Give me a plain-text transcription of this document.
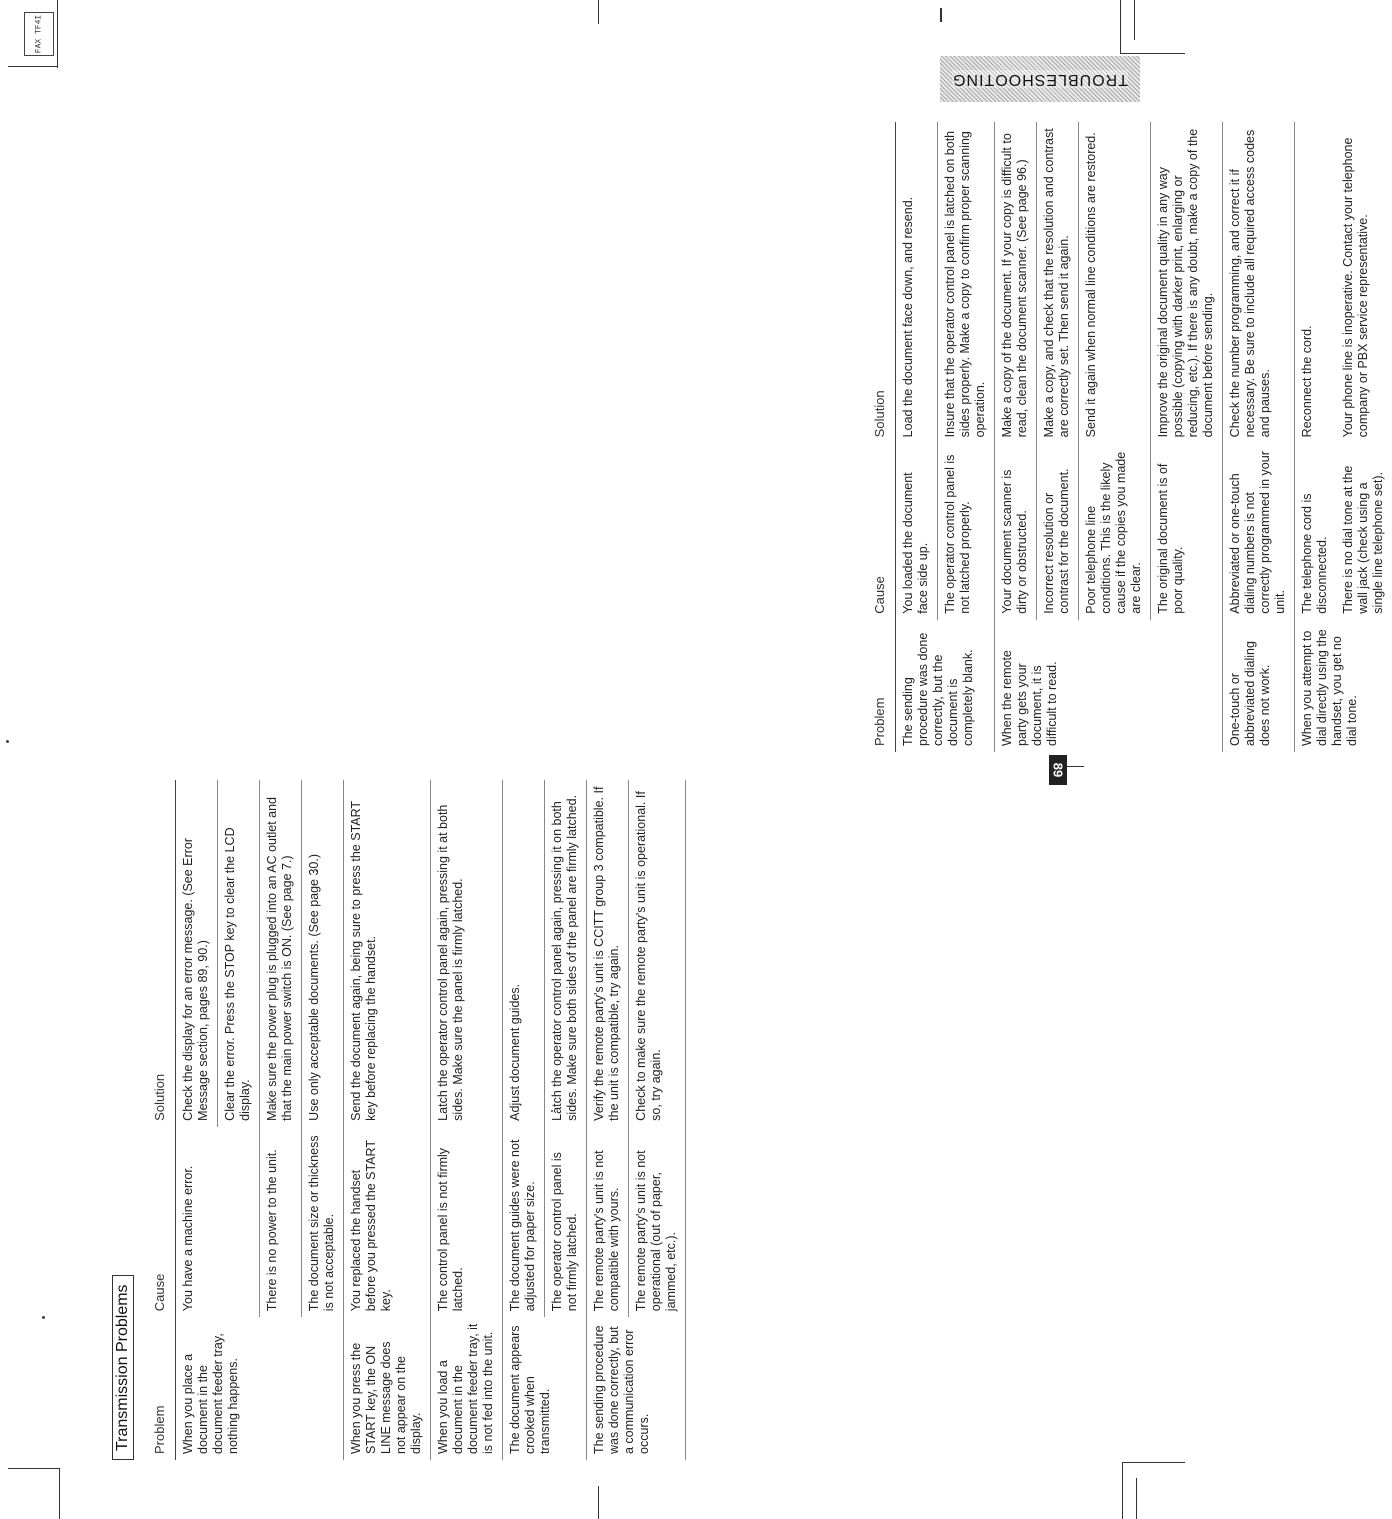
FAX TF4I
TROUBLESHOOTING
89
Transmission Problems Problem	Cause	Solution
When you place a document in the document feeder tray, nothing happens.	You have a machine error.	Check the display for an error message. (See Error Message section, pages 89, 90.)
		Clear the error. Press the STOP key to clear the LCD display.
	There is no power to the unit.	Make sure the power plug is plugged into an AC outlet and that the main power switch is ON. (See page 7.)
	The document size or thickness is not acceptable.	Use only acceptable documents. (See page 30.)
When you press the START key, the ON LINE message does not appear on the display.	You replaced the handset before you pressed the START key.	Send the document again, being sure to press the START key before replacing the handset.
When you load a document in the document feeder tray, it is not fed into the unit.	The control panel is not firmly latched.	Latch the operator control panel again, pressing it at both sides. Make sure the panel is firmly latched.
The document appears crooked when transmitted.	The document guides were not adjusted for paper size.	Adjust document guides.
	The operator control panel is not firmly latched.	Latch the operator control panel again, pressing it on both sides. Make sure both sides of the panel are firmly latched.
The sending procedure was done correctly, but a communication error occurs.	The remote party's unit is not compatible with yours.	Verify the remote party's unit is CCITT group 3 compatible. If the unit is compatible, try again.
	The remote party's unit is not operational (out of paper, jammed, etc.).	Check to make sure the remote party's unit is operational. If so, try again.
Problem	Cause	Solution
The sending procedure was done correctly, but the document is completely blank.	You loaded the document face side up.	Load the document face down, and resend.
	The operator control panel is not latched properly.	Insure that the operator control panel is latched on both sides properly. Make a copy to confirm proper scanning operation.
When the remote party gets your document, it is difficult to read.	Your document scanner is dirty or obstructed.	Make a copy of the document. If your copy is difficult to read, clean the document scanner. (See page 96.)
	Incorrect resolution or contrast for the document.	Make a copy, and check that the resolution and contrast are correctly set. Then send it again.
	Poor telephone line conditions. This is the likely cause if the copies you made are clear.	Send it again when normal line conditions are restored.
	The original document is of poor quality.	Improve the original document quality in any way possible (copying with darker print, enlarging or reducing, etc.). If there is any doubt, make a copy of the document before sending.
One-touch or abbreviated dialing does not work.	Abbreviated or one-touch dialing numbers is not correctly programmed in your unit.	Check the number programming, and correct it if necessary. Be sure to include all required access codes and pauses.
When you attempt to dial directly using the handset, you get no dial tone.	The telephone cord is disconnected.	Reconnect the cord.
	There is no dial tone at the wall jack (check using a single line telephone set).	Your phone line is inoperative. Contact your telephone company or PBX service representative.
